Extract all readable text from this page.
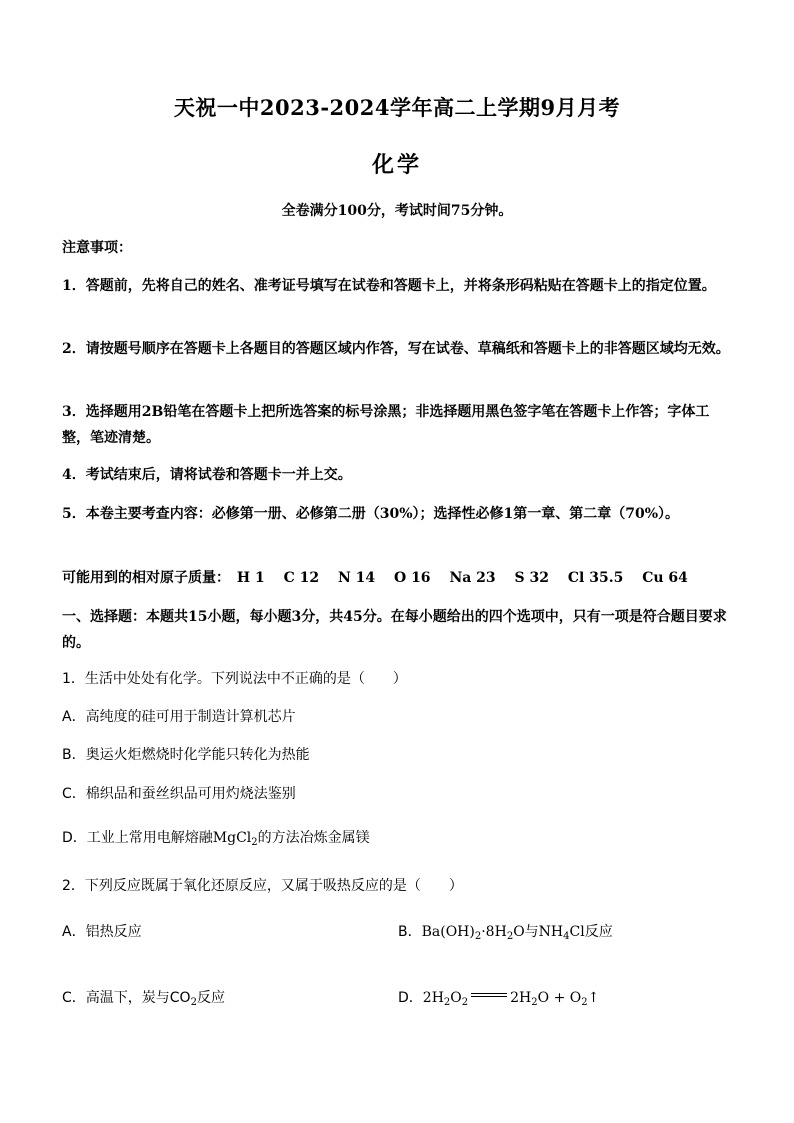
天祝一中2023-2024学年高二上学期9月月考
化学
全卷满分100分，考试时间75分钟。
注意事项：
1．答题前，先将自己的姓名、准考证号填写在试卷和答题卡上，并将条形码粘贴在答题卡上的指定位置。
2．请按题号顺序在答题卡上各题目的答题区域内作答，写在试卷、草稿纸和答题卡上的非答题区域均无效。
3．选择题用2B铅笔在答题卡上把所选答案的标号涂黑；非选择题用黑色签字笔在答题卡上作答；字体工整，笔迹清楚。
4．考试结束后，请将试卷和答题卡一并上交。
5．本卷主要考查内容：必修第一册、必修第二册（30%）；选择性必修1第一章、第二章（70%）。
可能用到的相对原子质量： H 1 C 12 N 14 O 16 Na 23 S 32 Cl 35.5 Cu 64
一、选择题：本题共15小题，每小题3分，共45分。在每小题给出的四个选项中，只有一项是符合题目要求的。
1．生活中处处有化学。下列说法中不正确的是（　　）
A．高纯度的硅可用于制造计算机芯片
B．奥运火炬燃烧时化学能只转化为热能
C．棉织品和蚕丝织品可用灼烧法鉴别
D．工业上常用电解熔融MgCl$_2$的方法冶炼金属镁
2．下列反应既属于氧化还原反应，又属于吸热反应的是（　　）
A．铝热反应	B．$Ba(OH)_2\cdot 8H_2O$与$NH_4Cl$反应
C．高温下，炭与$CO_2$反应	D．$2H_2O_2$	$2H_2O$ + $O_2↑$
